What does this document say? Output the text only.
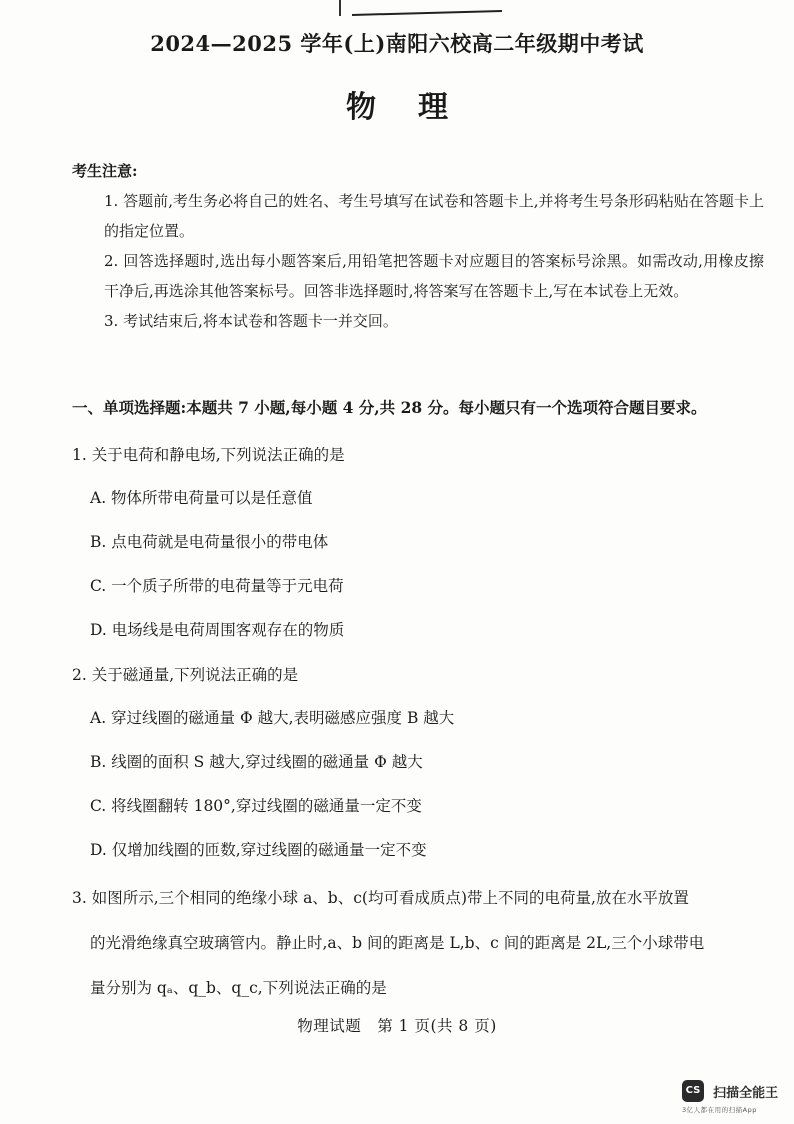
2024—2025 学年(上)南阳六校高二年级期中考试
物理
考生注意:

1. 答题前,考生务必将自己的姓名、考生号填写在试卷和答题卡上,并将考生号条形码粘贴在答题卡上的指定位置。

2. 回答选择题时,选出每小题答案后,用铅笔把答题卡对应题目的答案标号涂黑。如需改动,用橡皮擦干净后,再选涂其他答案标号。回答非选择题时,将答案写在答题卡上,写在本试卷上无效。

3. 考试结束后,将本试卷和答题卡一并交回。

一、单项选择题:本题共 7 小题,每小题 4 分,共 28 分。每小题只有一个选项符合题目要求。
1. 关于电荷和静电场,下列说法正确的是
A. 物体所带电荷量可以是任意值
B. 点电荷就是电荷量很小的带电体
C. 一个质子所带的电荷量等于元电荷
D. 电场线是电荷周围客观存在的物质
2. 关于磁通量,下列说法正确的是
A. 穿过线圈的磁通量 Φ 越大,表明磁感应强度 B 越大
B. 线圈的面积 S 越大,穿过线圈的磁通量 Φ 越大
C. 将线圈翻转 180°,穿过线圈的磁通量一定不变
D. 仅增加线圈的匝数,穿过线圈的磁通量一定不变
3. 如图所示,三个相同的绝缘小球 a、b、c(均可看成质点)带上不同的电荷量,放在水平放置
的光滑绝缘真空玻璃管内。静止时,a、b 间的距离是 L,b、c 间的距离是 2L,三个小球带电
量分别为 qₐ、q_b、q_c,下列说法正确的是
物理试题　第 1 页(共 8 页)
CS 扫描全能王
3亿人都在用的扫描App
